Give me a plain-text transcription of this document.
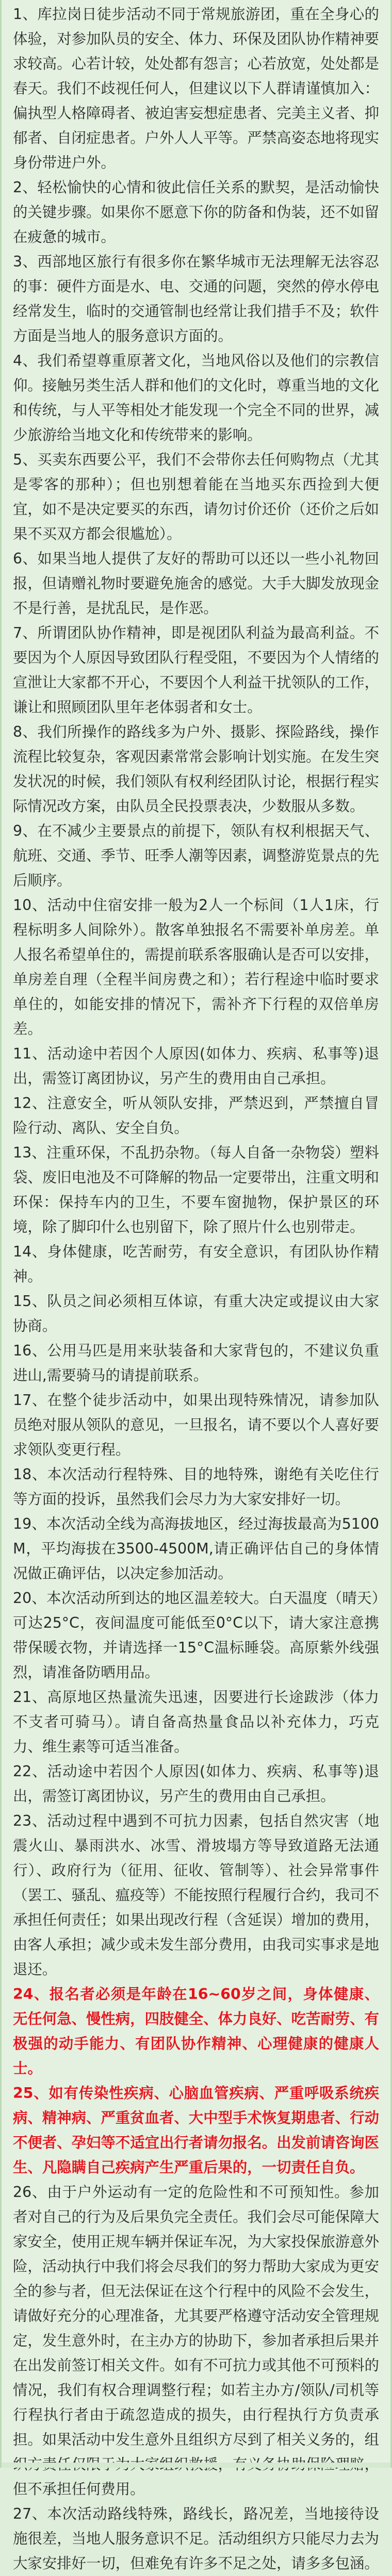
1、库拉岗日徒步活动不同于常规旅游团，重在全身心的体验，对参加队员的安全、体力、环保及团队协作精神要求较高。心若计较，处处都有怨言；心若放宽，处处都是春天。我们不歧视任何人，但建议以下人群请谨慎加入：偏执型人格障碍者、被迫害妄想症患者、完美主义者、抑郁者、自闭症患者。户外人人平等。严禁高姿态地将现实身份带进户外。

2、轻松愉快的心情和彼此信任关系的默契，是活动愉快的关键步骤。如果你不愿意下你的防备和伪装，还不如留在疲惫的城市。

3、西部地区旅行有很多你在繁华城市无法理解无法容忍的事：硬件方面是水、电、交通的问题，突然的停水停电经常发生，临时的交通管制也经常让我们措手不及；软件方面是当地人的服务意识方面的。

4、我们希望尊重原著文化，当地风俗以及他们的宗教信仰。接触另类生活人群和他们的文化时，尊重当地的文化和传统，与人平等相处才能发现一个完全不同的世界，减少旅游给当地文化和传统带来的影响。

5、买卖东西要公平，我们不会带你去任何购物点（尤其是零客的那种）；但也别想着能在当地买东西捡到大便宜，如不是决定要买的东西，请勿讨价还价（还价之后如果不买双方都会很尴尬）。

6、如果当地人提供了友好的帮助可以还以一些小礼物回报，但请赠礼物时要避免施舍的感觉。大手大脚发放现金不是行善，是扰乱民，是作恶。

7、所谓团队协作精神，即是视团队利益为最高利益。不要因为个人原因导致团队行程受阻，不要因为个人情绪的宣泄让大家都不开心，不要因个人利益干扰领队的工作，谦让和照顾团队里年老体弱者和女士。

8、我们所操作的路线多为户外、摄影、探险路线，操作流程比较复杂，客观因素常常会影响计划实施。在发生突发状况的时候，我们领队有权利经团队讨论，根据行程实际情况改方案，由队员全民投票表决，少数服从多数。

9、在不减少主要景点的前提下，领队有权利根据天气、航班、交通、季节、旺季人潮等因素，调整游览景点的先后顺序。

10、活动中住宿安排一般为2人一个标间（1人1床，行程标明多人间除外）。散客单独报名不需要补单房差。单人报名希望单住的，需提前联系客服确认是否可以安排，单房差自理（全程半间房费之和）；若行程途中临时要求单住的，如能安排的情况下，需补齐下行程的双倍单房差。

11、活动途中若因个人原因(如体力、疾病、私事等)退出，需签订离团协议，另产生的费用由自己承担。

12、注意安全，听从领队安排，严禁迟到，严禁擅自冒险行动、离队、安全自负。

13、注重环保，不乱扔杂物。（每人自备一杂物袋）塑料袋、废旧电池及不可降解的物品一定要带出，注重文明和环保：保持车内的卫生，不要车窗抛物，保护景区的环境，除了脚印什么也别留下，除了照片什么也别带走。

14、身体健康，吃苦耐劳，有安全意识，有团队协作精神。

15、队员之间必须相互体谅，有重大决定或提议由大家协商。

16、公用马匹是用来驮装备和大家背包的，不建议负重进山,需要骑马的请提前联系。

17、在整个徒步活动中，如果出现特殊情况，请参加队员绝对服从领队的意见，一旦报名，请不要以个人喜好要求领队变更行程。

18、本次活动行程特殊、目的地特殊，谢绝有关吃住行等方面的投诉，虽然我们会尽力为大家安排好一切。

19、本次活动全线为高海拔地区，经过海拔最高为5100M，平均海拔在3500-4500M,请正确评估自己的身体情况做正确评估，以决定参加活动。

20、本次活动所到达的地区温差较大。白天温度（晴天）可达25°C，夜间温度可能低至0°C以下，请大家注意携带保暖衣物，并请选择一15°C温标睡袋。高原紫外线强烈，请准备防晒用品。

21、高原地区热量流失迅速，因要进行长途跋涉（体力不支者可骑马）。请自备高热量食品以补充体力，巧克力、维生素等可适当准备。

22、活动途中若因个人原因(如体力、疾病、私事等)退出，需签订离团协议，另产生的费用由自己承担。

23、活动过程中遇到不可抗力因素，包括自然灾害（地震火山、暴雨洪水、冰雪、滑坡塌方等导致道路无法通行）、政府行为（征用、征收、管制等）、社会异常事件（罢工、骚乱、瘟疫等）不能按照行程履行合约，我司不承担任何责任；如果出现改行程（含延误）增加的费用，由客人承担；减少或未发生部分费用，由我司实事求是地退还。

24、报名者必须是年龄在16~60岁之间，身体健康、无任何急、慢性病，四肢健全、体力良好、吃苦耐劳、有极强的动手能力、有团队协作精神、心理健康的健康人士。

25、如有传染性疾病、心脑血管疾病、严重呼吸系统疾病、精神病、严重贫血者、大中型手术恢复期患者、行动不便者、孕妇等不适宜出行者请勿报名。出发前请咨询医生、凡隐瞒自己疾病产生严重后果的，一切责任自负。

26、由于户外运动有一定的危险性和不可预知性。参加者对自己的行为及后果负完全责任。我们会尽可能保障大家安全，使用正规车辆并保证车况，为大家投保旅游意外险，活动执行中我们将会尽我们的努力帮助大家成为更安全的参与者，但无法保证在这个行程中的风险不会发生，请做好充分的心理准备，尤其要严格遵守活动安全管理规定，发生意外时，在主办方的协助下，参加者承担后果并在出发前签订相关文件。如有不可抗力或其他不可预料的情况，我们有权合理调整行程；如若主办方/领队/司机等行程执行者由于疏忽造成的损失，由行程执行方负责承担。如果活动中发生意外且组织方尽到了相关义务的，组 但不承担任何费用。

27、本次活动路线特殊，路线长，路况差，当地接待设施很差，当地人服务意识不足。活动组织方只能尽力去为大家安排好一切，但难免有许多不足之处，请多多包涵。
